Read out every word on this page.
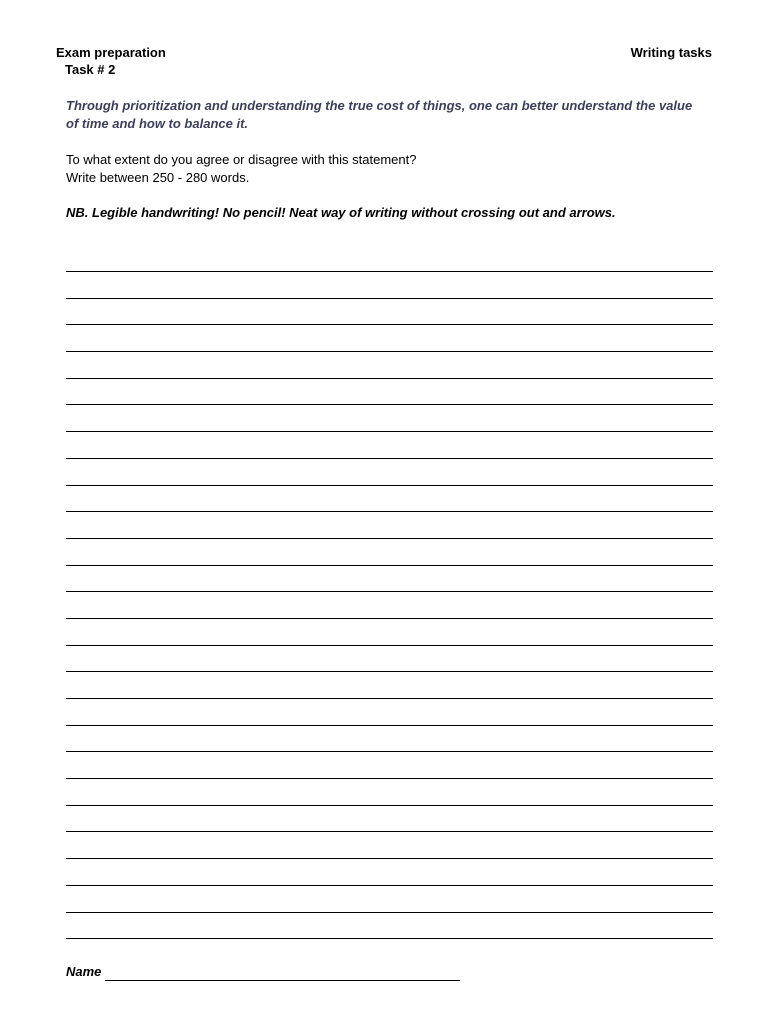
Exam preparation
Task # 2
Writing tasks
Through prioritization and understanding the true cost of things, one can better understand the value of time and how to balance it.
To what extent do you agree or disagree with this statement?
Write between 250 - 280 words.
NB. Legible handwriting! No pencil! Neat way of writing without crossing out and arrows.
Name
